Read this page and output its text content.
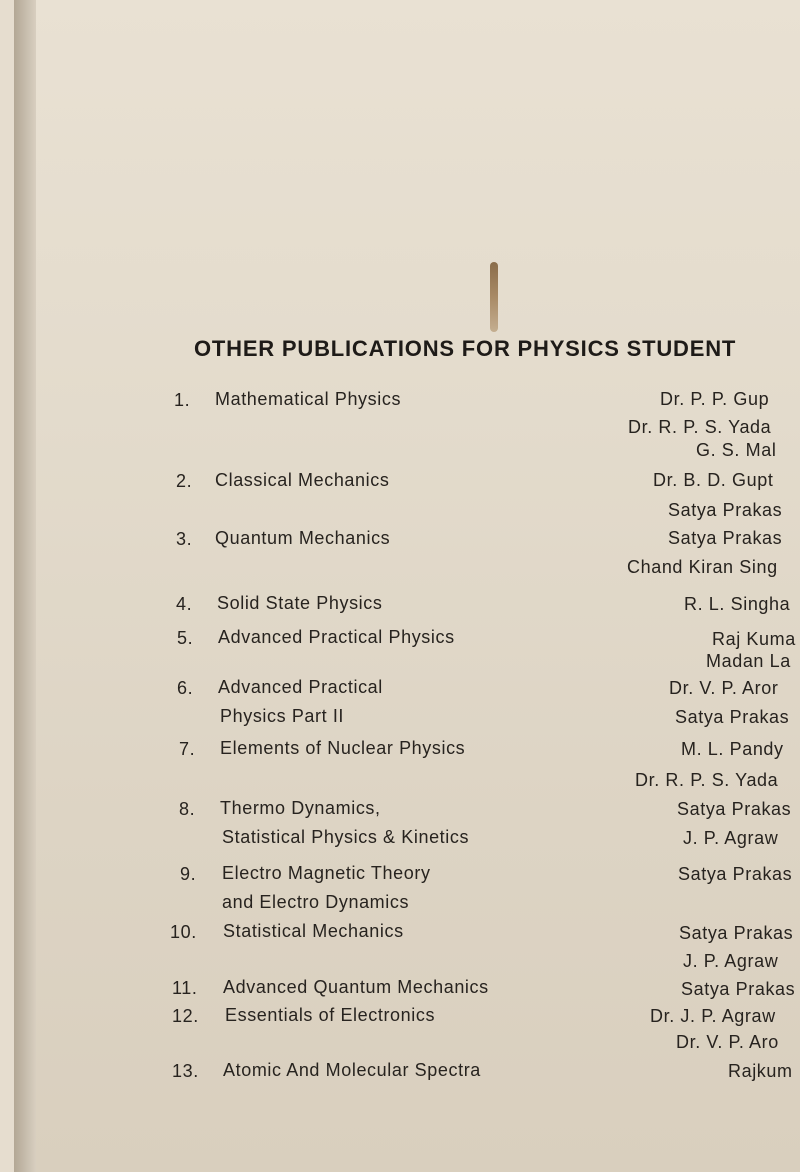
OTHER PUBLICATIONS FOR PHYSICS STUDENT
1. Mathematical Physics	Dr. P. P. Gup
Dr. R. P. S. Yada
G. S. Mal
2. Classical Mechanics	Dr. B. D. Gupt
Satya Prakas
3. Quantum Mechanics	Satya Prakas
Chand Kiran Sing
4. Solid State Physics	R. L. Singha
5. Advanced Practical Physics	Raj Kuma
Madan La
6. Advanced Practical
Physics Part II
Dr. V. P. Aror
Satya Prakas
7. Elements of Nuclear Physics	M. L. Pandy
Dr. R. P. S. Yada
8. Thermo Dynamics,
Statistical Physics & Kinetics
Satya Prakas
J. P. Agraw
9. Electro Magnetic Theory
and Electro Dynamics
Satya Prakas
10. Statistical Mechanics	Satya Prakas
J. P. Agraw
11. Advanced Quantum Mechanics	Satya Prakas
12. Essentials of Electronics	Dr. J. P. Agraw
Dr. V. P. Aro
13. Atomic And Molecular Spectra	Rajkum
